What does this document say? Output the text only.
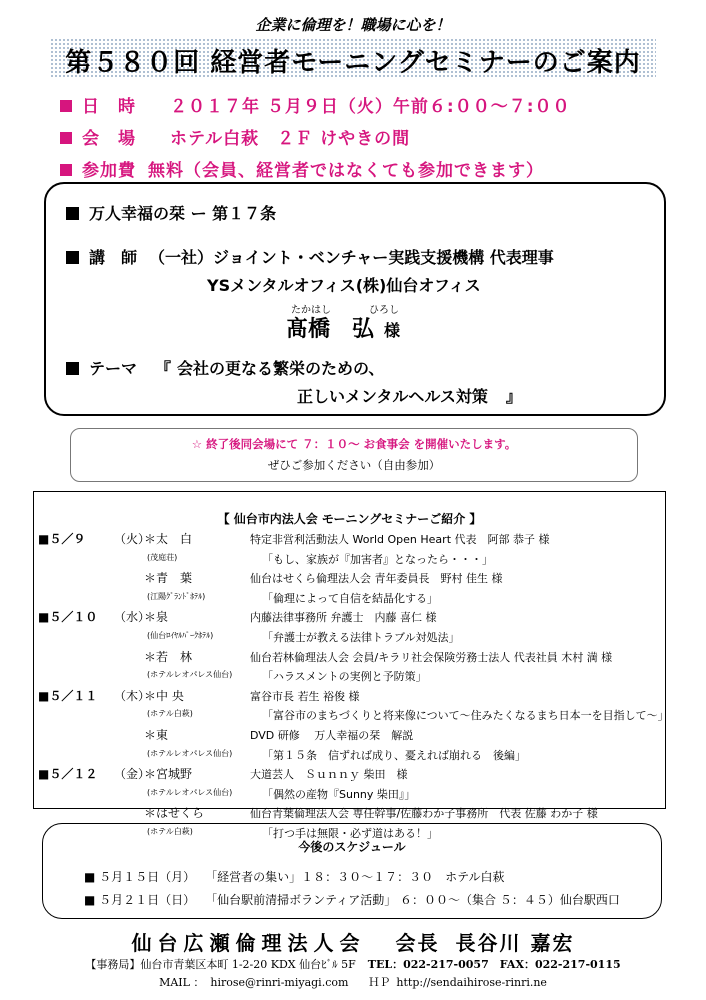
企業に倫理を！職場に心を！
第５８０回 経営者モーニングセミナーのご案内
日　時 ２０１７年 ５月９日（火）午前６:００～７:００
会　場 ホテル白萩　２Ｆ けやきの間
参加費 無料（会員、経営者ではなくても参加できます）
万人幸福の栞 ー 第１７条
講　師 （一社）ジョイント・ベンチャー実践支援機構 代表理事
YSメンタルオフィス(株)仙台オフィス
たかはし	ひろし
髙橋 弘 様
テーマ 『 会社の更なる繁栄のための、
正しいメンタルヘルス対策 』
☆ 終了後同会場にて ７：１０～ お食事会 を開催いたします。
ぜひご参加ください（自由参加）
【 仙台市内法人会 モーニングセミナーご紹介 】
■５／９ （火）
＊太　白	特定非営利活動法人 World Open Heart 代表　阿部 恭子 様
(茂庭荘)	「もし、家族が『加害者』となったら・・・」
＊青　葉	仙台はせくら倫理法人会 青年委員長　野村 佳生 様
(江陽ｸﾞﾗﾝﾄﾞﾎﾃﾙ)	「倫理によって自信を結晶化する」
■５／１０ （水）
＊泉	内藤法律事務所 弁護士　内藤 喜仁 様
(仙台ﾛｲﾔﾙﾊﾟｰｸﾎﾃﾙ)	「弁護士が教える法律トラブル対処法」
＊若　林	仙台若林倫理法人会 会員/キラリ社会保険労務士法人 代表社員 木村 満 様
(ホテルレオパレス仙台)	「ハラスメントの実例と予防策」
■５／１１ （木）
＊中 央	富谷市長 若生 裕俊 様
(ホテル白萩)	「富谷市のまちづくりと将来像について～住みたくなるまち日本一を目指して～」
＊東	DVD 研修　 万人幸福の栞　解説
(ホテルレオパレス仙台)	「第１５条　信ずれば成り、憂えれば崩れる　後編」
■５／１２ （金）
＊宮城野	大道芸人　Ｓｕｎｎｙ 柴田　様
(ホテルレオパレス仙台)	「偶然の産物『Sunny 柴田』」
＊はせくら	仙台青葉倫理法人会 専任幹事/佐藤わか子事務所　代表 佐藤 わか子 様
(ホテル白萩)	「打つ手は無限・必ず道はある！」
今後のスケジュール
■ ５月１５日（月） 「経営者の集い」１８：３０～１７：３０　ホテル白萩
■ ５月２１日（日） 「仙台駅前清掃ボランティア活動」 ６：００～（集合 ５：４５）仙台駅西口
仙台広瀬倫理法人会 会長 長谷川 嘉宏
【事務局】仙台市青葉区本町 1-2-20 KDX 仙台ﾋﾞﾙ 5F TEL：022-217-0057　FAX：022-217-0115
MAIL ： hirose@rinri-miyagi.com ＨＰ http://sendaihirose-rinri.ne
